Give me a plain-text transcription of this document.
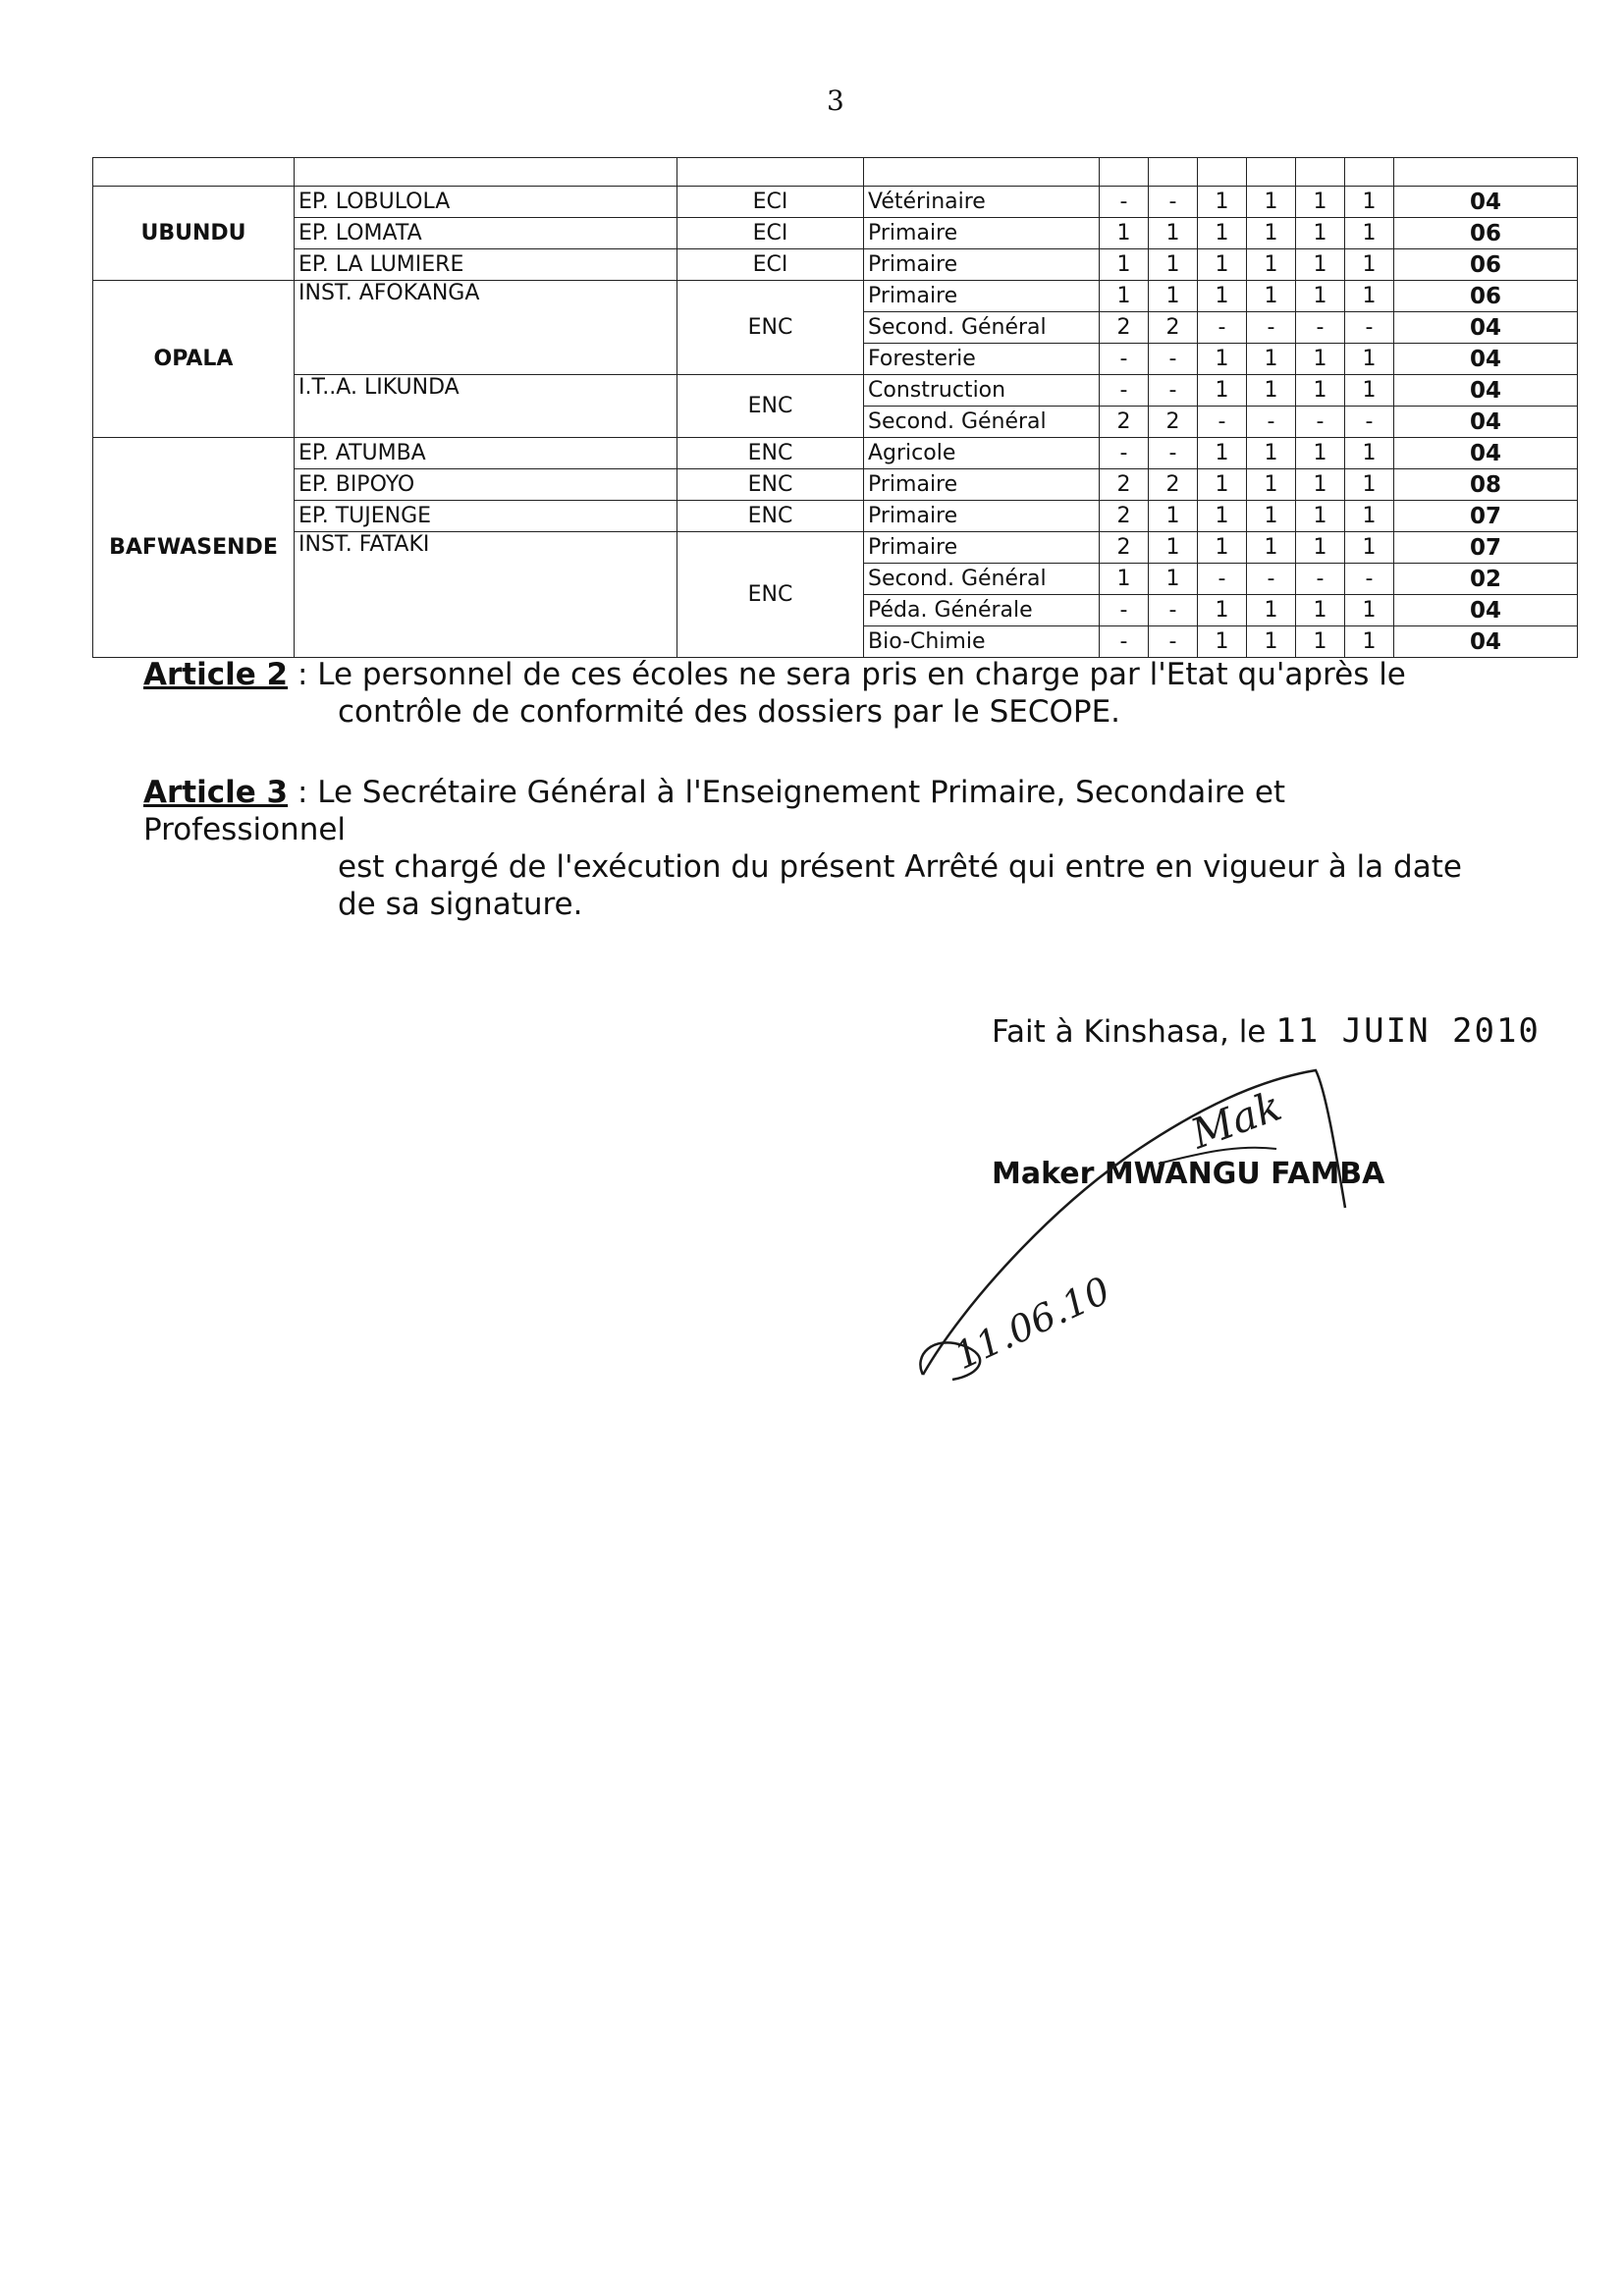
3

UBUNDU	EP. LOBULOLA	ECI	Vétérinaire	-	-	1	1	1	1	04
	EP. LOMATA	ECI	Primaire	1	1	1	1	1	1	06
	EP. LA LUMIERE	ECI	Primaire	1	1	1	1	1	1	06
OPALA	INST. AFOKANGA	ENC	Primaire	1	1	1	1	1	1	06
			Second. Général	2	2	-	-	-	-	04
			Foresterie	-	-	1	1	1	1	04
	I.T..A. LIKUNDA	ENC	Construction	-	-	1	1	1	1	04
			Second. Général	2	2	-	-	-	-	04
BAFWASENDE	EP. ATUMBA	ENC	Agricole	-	-	1	1	1	1	04
	EP. BIPOYO	ENC	Primaire	2	2	1	1	1	1	08
	EP. TUJENGE	ENC	Primaire	2	1	1	1	1	1	07
	INST. FATAKI	ENC	Primaire	2	1	1	1	1	1	07
			Second. Général	1	1	-	-	-	-	02
			Péda. Générale	-	-	1	1	1	1	04
			Bio-Chimie	-	-	1	1	1	1	04
Article 2 : Le personnel de ces écoles ne sera pris en charge par l'Etat qu'après le
contrôle de conformité des dossiers par le SECOPE.
Article 3 : Le Secrétaire Général à l'Enseignement Primaire, Secondaire et Professionnel
est chargé de l'exécution du présent Arrêté qui entre en vigueur à la date de sa signature.
Fait à Kinshasa, le 11 JUIN 2010
Maker MWANGU FAMBA
Mak
11.06.10
